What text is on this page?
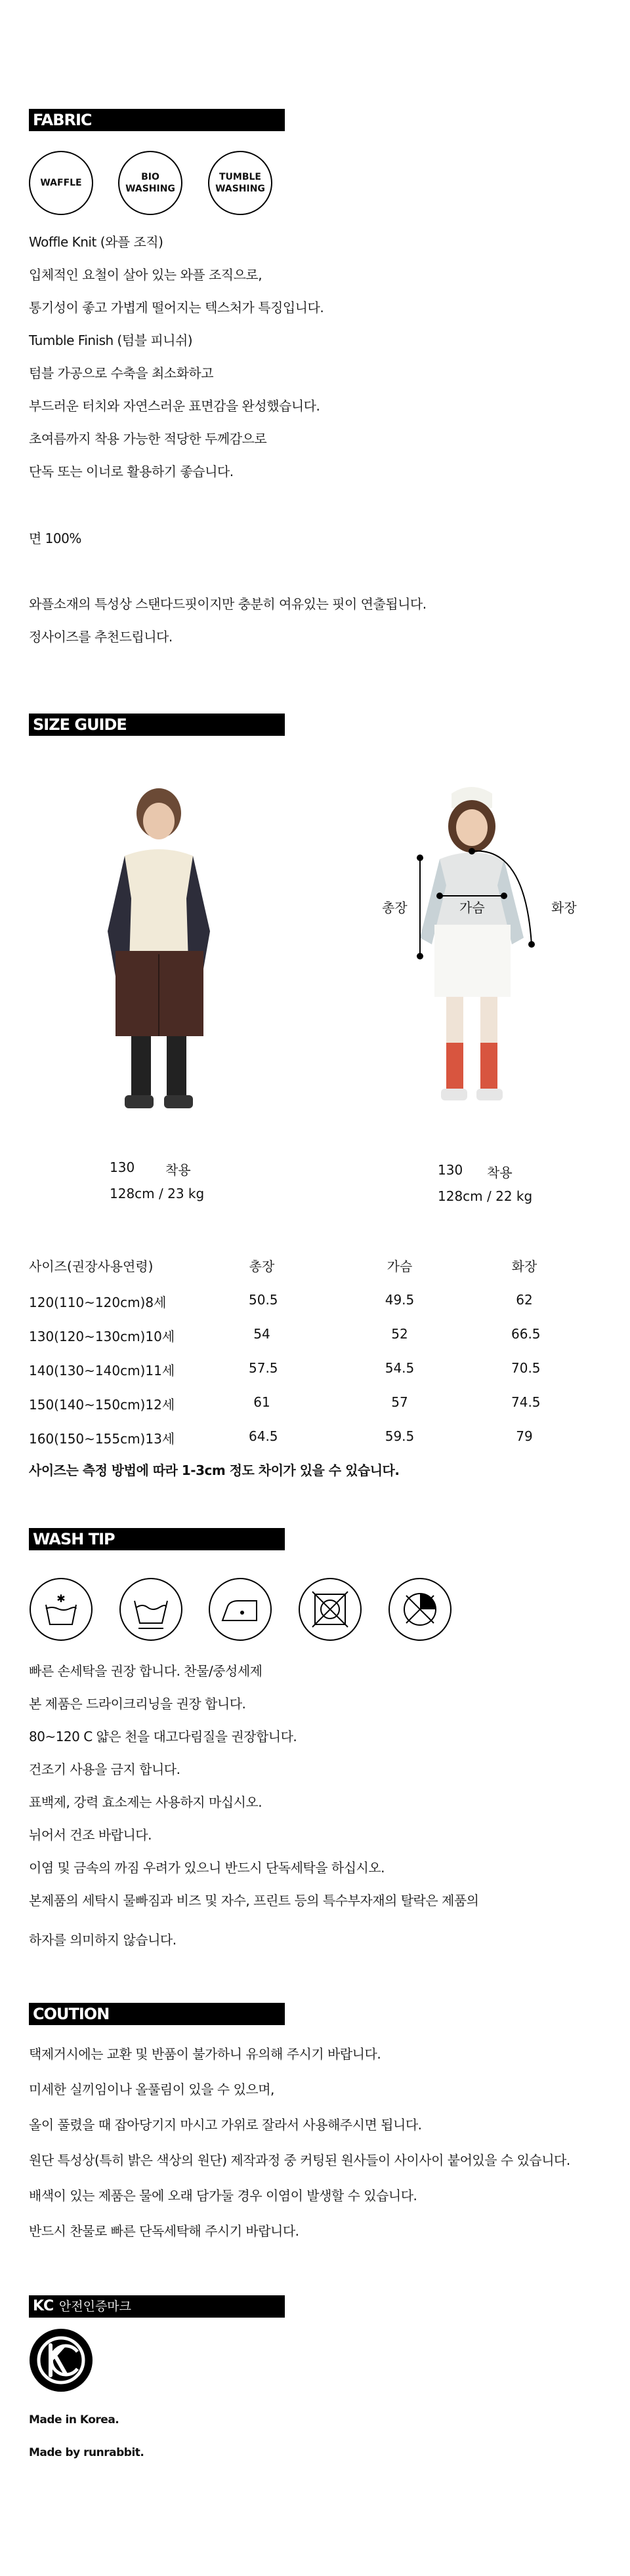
FABRIC
WAFFLE
BIO
WASHING
TUMBLE
WASHING
Woffle Knit (와플 조직)
입체적인 요철이 살아 있는 와플 조직으로,
통기성이 좋고 가볍게 떨어지는 텍스처가 특징입니다.
Tumble Finish (텀블 피니쉬)
텀블 가공으로 수축을 최소화하고
부드러운 터치와 자연스러운 표면감을 완성했습니다.
초여름까지 착용 가능한 적당한 두께감으로
단독 또는 이너로 활용하기 좋습니다.
면 100%
와플소재의 특성상 스탠다드핏이지만 충분히 여유있는 핏이 연출됩니다.
정사이즈를 추천드립니다.
SIZE GUIDE
총장	가슴	화장
130 착용
128cm / 23 kg
130 착용
128cm / 22 kg
사이즈(권장사용연령)	총장	가슴	화장
120(110~120cm)8세	50.5	49.5	62
130(120~130cm)10세	54	52	66.5
140(130~140cm)11세	57.5	54.5	70.5
150(140~150cm)12세	61	57	74.5
160(150~155cm)13세	64.5	59.5	79
사이즈는 측정 방법에 따라 1-3cm 정도 차이가 있을 수 있습니다.
WASH TIP
✱
빠른 손세탁을 권장 합니다. 찬물/중성세제
본 제품은 드라이크리닝을 권장 합니다.
80~120 C 얇은 천을 대고다림질을 권장합니다.
건조기 사용을 금지 합니다.
표백제, 강력 효소제는 사용하지 마십시오.
뉘어서 건조 바랍니다.
이염 및 금속의 까짐 우려가 있으니 반드시 단독세탁을 하십시오.
본제품의 세탁시 물빠짐과 비즈 및 자수, 프린트 등의 특수부자재의 탈락은 제품의
하자를 의미하지 않습니다.
COUTION
택제거시에는 교환 및 반품이 불가하니 유의해 주시기 바랍니다.
미세한 실끼임이나 올풀림이 있을 수 있으며,
올이 풀렸을 때 잡아당기지 마시고 가위로 잘라서 사용해주시면 됩니다.
원단 특성상(특히 밝은 색상의 원단) 제작과정 중 커팅된 원사들이 사이사이 붙어있을 수 있습니다.
배색이 있는 제품은 물에 오래 담가둘 경우 이염이 발생할 수 있습니다.
반드시 찬물로 빠른 단독세탁해 주시기 바랍니다.
KC 안전인증마크
Made in Korea.
Made by runrabbit.
